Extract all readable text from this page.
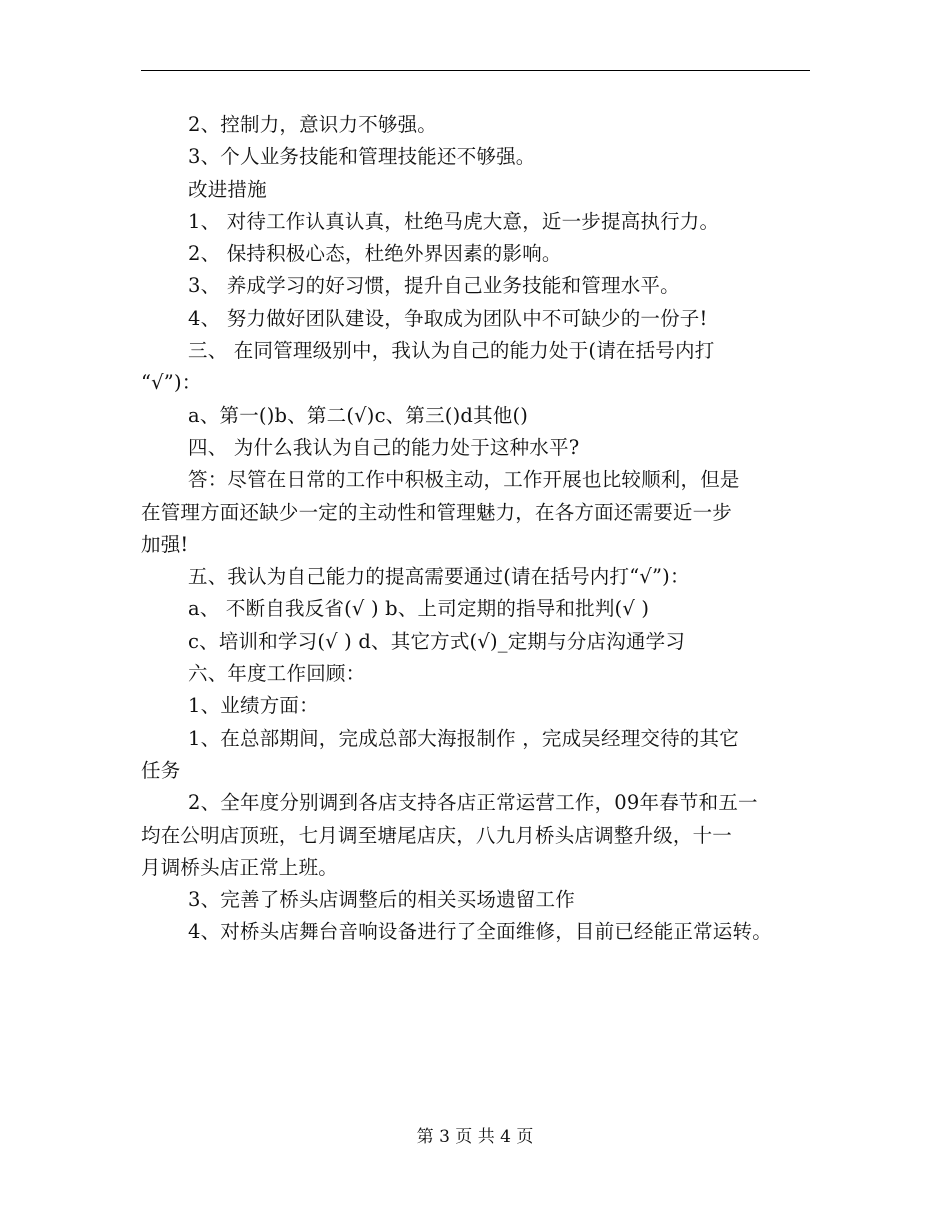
2、控制力，意识力不够强。
3、个人业务技能和管理技能还不够强。
改进措施
1、 对待工作认真认真，杜绝马虎大意，近一步提高执行力。
2、 保持积极心态，杜绝外界因素的影响。
3、 养成学习的好习惯，提升自己业务技能和管理水平。
4、 努力做好团队建设，争取成为团队中不可缺少的一份子!
三、 在同管理级别中，我认为自己的能力处于(请在括号内打
“√”)：
a、第一()b、第二(√)c、第三()d其他()
四、 为什么我认为自己的能力处于这种水平?
答：尽管在日常的工作中积极主动，工作开展也比较顺利，但是
在管理方面还缺少一定的主动性和管理魅力，在各方面还需要近一步
加强!
五、我认为自己能力的提高需要通过(请在括号内打“√”)：
a、 不断自我反省(√ ) b、上司定期的指导和批判(√ )
c、培训和学习(√ ) d、其它方式(√)_定期与分店沟通学习
六、年度工作回顾：
1、业绩方面：
1、在总部期间，完成总部大海报制作 ，完成吴经理交待的其它
任务
2、全年度分别调到各店支持各店正常运营工作，09年春节和五一
均在公明店顶班，七月调至塘尾店庆，八九月桥头店调整升级，十一
月调桥头店正常上班。
3、完善了桥头店调整后的相关买场遗留工作
4、对桥头店舞台音响设备进行了全面维修，目前已经能正常运转。
第 3 页 共 4 页
